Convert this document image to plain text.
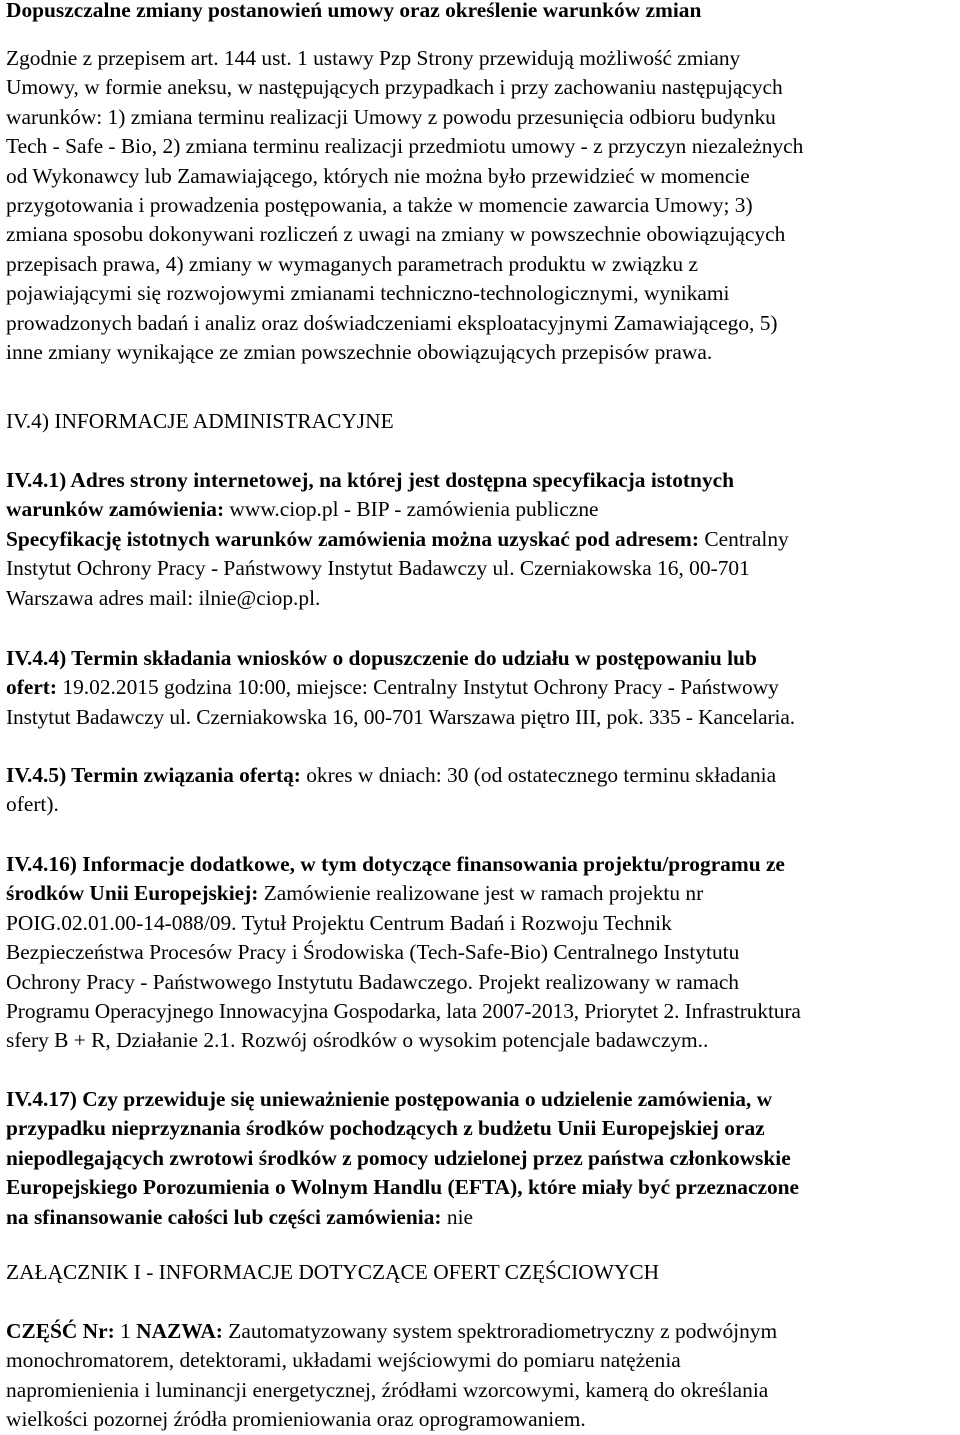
Dopuszczalne zmiany postanowień umowy oraz określenie warunków zmian

Zgodnie z przepisem art. 144 ust. 1 ustawy Pzp Strony przewidują możliwość zmiany

Umowy, w formie aneksu, w następujących przypadkach i przy zachowaniu następujących

warunków: 1) zmiana terminu realizacji Umowy z powodu przesunięcia odbioru budynku

Tech - Safe - Bio, 2) zmiana terminu realizacji przedmiotu umowy - z przyczyn niezależnych

od Wykonawcy lub Zamawiającego, których nie można było przewidzieć w momencie

przygotowania i prowadzenia postępowania, a także w momencie zawarcia Umowy; 3)

zmiana sposobu dokonywani rozliczeń z uwagi na zmiany w powszechnie obowiązujących

przepisach prawa, 4) zmiany w wymaganych parametrach produktu w związku z

pojawiającymi się rozwojowymi zmianami techniczno-technologicznymi, wynikami

prowadzonych badań i analiz oraz doświadczeniami eksploatacyjnymi Zamawiającego, 5)

inne zmiany wynikające ze zmian powszechnie obowiązujących przepisów prawa.

IV.4) INFORMACJE ADMINISTRACYJNE

IV.4.1) Adres strony internetowej, na której jest dostępna specyfikacja istotnych

warunków zamówienia: www.ciop.pl - BIP - zamówienia publiczne

Specyfikację istotnych warunków zamówienia można uzyskać pod adresem: Centralny

Instytut Ochrony Pracy - Państwowy Instytut Badawczy ul. Czerniakowska 16, 00-701

Warszawa adres mail: ilnie@ciop.pl.

IV.4.4) Termin składania wniosków o dopuszczenie do udziału w postępowaniu lub

ofert: 19.02.2015 godzina 10:00, miejsce: Centralny Instytut Ochrony Pracy - Państwowy

Instytut Badawczy ul. Czerniakowska 16, 00-701 Warszawa piętro III, pok. 335 - Kancelaria.

IV.4.5) Termin związania ofertą: okres w dniach: 30 (od ostatecznego terminu składania

ofert).

IV.4.16) Informacje dodatkowe, w tym dotyczące finansowania projektu/programu ze

środków Unii Europejskiej: Zamówienie realizowane jest w ramach projektu nr

POIG.02.01.00-14-088/09. Tytuł Projektu Centrum Badań i Rozwoju Technik

Bezpieczeństwa Procesów Pracy i Środowiska (Tech-Safe-Bio) Centralnego Instytutu

Ochrony Pracy - Państwowego Instytutu Badawczego. Projekt realizowany w ramach

Programu Operacyjnego Innowacyjna Gospodarka, lata 2007-2013, Priorytet 2. Infrastruktura

sfery B + R, Działanie 2.1. Rozwój ośrodków o wysokim potencjale badawczym..

IV.4.17) Czy przewiduje się unieważnienie postępowania o udzielenie zamówienia, w

przypadku nieprzyznania środków pochodzących z budżetu Unii Europejskiej oraz

niepodlegających zwrotowi środków z pomocy udzielonej przez państwa członkowskie

Europejskiego Porozumienia o Wolnym Handlu (EFTA), które miały być przeznaczone

na sfinansowanie całości lub części zamówienia: nie

ZAŁĄCZNIK I - INFORMACJE DOTYCZĄCE OFERT CZĘŚCIOWYCH

CZĘŚĆ Nr: 1 NAZWA: Zautomatyzowany system spektroradiometryczny z podwójnym

monochromatorem, detektorami, układami wejściowymi do pomiaru natężenia

napromienienia i luminancji energetycznej, źródłami wzorcowymi, kamerą do określania

wielkości pozornej źródła promieniowania oraz oprogramowaniem.
